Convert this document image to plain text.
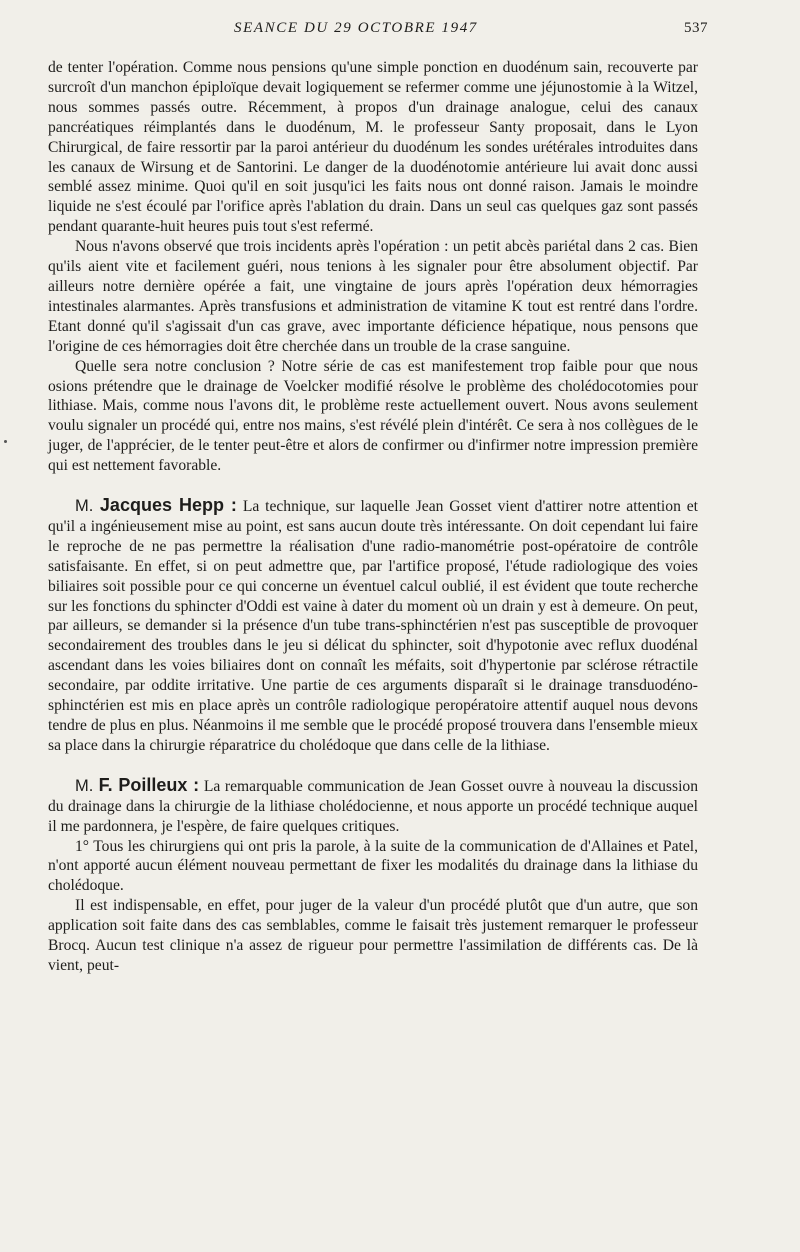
SEANCE DU 29 OCTOBRE 1947	537

de tenter l'opération. Comme nous pensions qu'une simple ponction en duodénum sain, recouverte par surcroît d'un manchon épiploïque devait logiquement se refermer comme une jéjunostomie à la Witzel, nous sommes passés outre. Récemment, à propos d'un drainage analogue, celui des canaux pancréatiques réimplantés dans le duodénum, M. le professeur Santy proposait, dans le Lyon Chirurgical, de faire ressortir par la paroi antérieur du duodénum les sondes urétérales introduites dans les canaux de Wirsung et de Santorini. Le danger de la duodénotomie antérieure lui avait donc aussi semblé assez minime. Quoi qu'il en soit jusqu'ici les faits nous ont donné raison. Jamais le moindre liquide ne s'est écoulé par l'orifice après l'ablation du drain. Dans un seul cas quelques gaz sont passés pendant quarante-huit heures puis tout s'est refermé.

Nous n'avons observé que trois incidents après l'opération : un petit abcès pariétal dans 2 cas. Bien qu'ils aient vite et facilement guéri, nous tenions à les signaler pour être absolument objectif. Par ailleurs notre dernière opérée a fait, une vingtaine de jours après l'opération deux hémorragies intestinales alarmantes. Après transfusions et administration de vitamine K tout est rentré dans l'ordre. Etant donné qu'il s'agissait d'un cas grave, avec importante déficience hépatique, nous pensons que l'origine de ces hémorragies doit être cherchée dans un trouble de la crase sanguine.

Quelle sera notre conclusion ? Notre série de cas est manifestement trop faible pour que nous osions prétendre que le drainage de Voelcker modifié résolve le problème des cholédocotomies pour lithiase. Mais, comme nous l'avons dit, le problème reste actuellement ouvert. Nous avons seulement voulu signaler un procédé qui, entre nos mains, s'est révélé plein d'intérêt. Ce sera à nos collègues de le juger, de l'apprécier, de le tenter peut-être et alors de confirmer ou d'infirmer notre impression première qui est nettement favorable.

M. Jacques Hepp : La technique, sur laquelle Jean Gosset vient d'attirer notre attention et qu'il a ingénieusement mise au point, est sans aucun doute très intéressante. On doit cependant lui faire le reproche de ne pas permettre la réalisation d'une radio-manométrie post-opératoire de contrôle satisfaisante. En effet, si on peut admettre que, par l'artifice proposé, l'étude radiologique des voies biliaires soit possible pour ce qui concerne un éventuel calcul oublié, il est évident que toute recherche sur les fonctions du sphincter d'Oddi est vaine à dater du moment où un drain y est à demeure. On peut, par ailleurs, se demander si la présence d'un tube trans-sphinctérien n'est pas susceptible de provoquer secondairement des troubles dans le jeu si délicat du sphincter, soit d'hypotonie avec reflux duodénal ascendant dans les voies biliaires dont on connaît les méfaits, soit d'hypertonie par sclérose rétractile secondaire, par oddite irritative. Une partie de ces arguments disparaît si le drainage transduodéno-sphinctérien est mis en place après un contrôle radiologique peropératoire attentif auquel nous devons tendre de plus en plus. Néanmoins il me semble que le procédé proposé trouvera dans l'ensemble mieux sa place dans la chirurgie réparatrice du cholédoque que dans celle de la lithiase.

M. F. Poilleux : La remarquable communication de Jean Gosset ouvre à nouveau la discussion du drainage dans la chirurgie de la lithiase cholédocienne, et nous apporte un procédé technique auquel il me pardonnera, je l'espère, de faire quelques critiques.

1° Tous les chirurgiens qui ont pris la parole, à la suite de la communication de d'Allaines et Patel, n'ont apporté aucun élément nouveau permettant de fixer les modalités du drainage dans la lithiase du cholédoque.

Il est indispensable, en effet, pour juger de la valeur d'un procédé plutôt que d'un autre, que son application soit faite dans des cas semblables, comme le faisait très justement remarquer le professeur Brocq. Aucun test clinique n'a assez de rigueur pour permettre l'assimilation de différents cas. De là vient, peut-
